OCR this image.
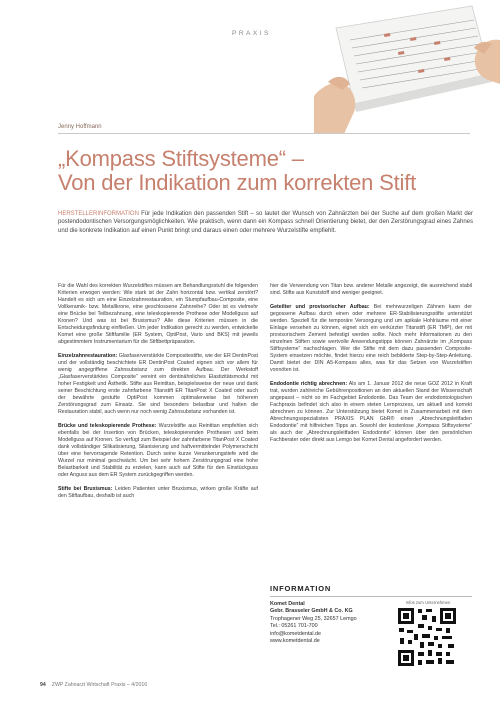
PRAXIS
Jenny Hoffmann
„Kompass Stiftsysteme“ –
Von der Indikation zum korrekten Stift
HERSTELLERINFORMATION Für jede Indikation den passenden Stift – so lautet der Wunsch von Zahnärzten bei der Suche auf dem großen Markt der postendodontischen Versorgungsmöglichkeiten. Wie praktisch, wenn dann ein Kompass schnell Orientierung bietet, der den Zerstörungsgrad eines Zahnes und die konkrete Indikation auf einen Punkt bringt und daraus einen oder mehrere Wurzelstifte empfiehlt.

Für die Wahl des korrekten Wurzelstiftes müssen am Behandlungsstuhl die folgenden Kriterien erwogen werden: Wie stark ist der Zahn horizontal bzw. vertikal zerstört? Handelt es sich um eine Einzelzahnrestauration, ein Stumpfaufbau-Composite, eine Vollkeramik- bzw. Metallkrone, eine geschlossene Zahnreihe? Oder ist es vielmehr eine Brücke bei Teilbezahnung, eine teleskopierende Prothese oder Modellguss auf Kronen? Und was ist bei Bruxismus? Alle diese Kriterien müssen in die Entscheidungsfindung einfließen. Um jeder Indikation gerecht zu werden, entwickelte Komet eine große Stiftfamilie (ER System, OptiPost, Vario und BKS) mit jeweils abgestimmtem Instrumentarium für die Stiftbettpräparation.

Einzelzahnrestauration: Glasfaserverstärkte Compositestifte, wie der ER DentinPost und der vollständig beschichtete ER DentinPost Coated eignen sich vor allem für wenig angegriffene Zahnsubstanz zum direkten Aufbau. Der Werkstoff „Glasfaserverstärktes Composite“ vereint ein dentinähnliches Elastizitätsmodul mit hoher Festigkeit und Ästhetik. Stifte aus Reintitan, beispielsweise der neue und dank seiner Beschichtung erste zahnfarbene Titanstift ER TitanPost X Coated oder auch der bewährte gestufte OptiPost kommen optimalerweise bei höherem Zerstörungsgrad zum Einsatz. Sie sind besonders belastbar und halten die Restauration stabil, auch wenn nur noch wenig Zahnsubstanz vorhanden ist.

Brücke und teleskopierende Prothese: Wurzelstifte aus Reintitan empfehlen sich ebenfalls bei der Insertion von Brücken, teleskopierenden Prothesen und beim Modellguss auf Kronen. So verfügt zum Beispiel der zahnfarbene TitanPost X Coated dank vollständiger Silikatisierung, Silanisierung und haftvermittelnder Polymerschicht über eine hervorragende Retention. Durch seine kurze Verankerungstiefe wird die Wurzel nur minimal geschwächt. Um bei sehr hohem Zerstörungsgrad eine hohe Belastbarkeit und Stabilität zu erzielen, kann auch auf Stifte für den Einstückguss oder Anguss aus dem ER System zurückgegriffen werden.

Stifte bei Bruxismus: Leiden Patienten unter Bruxismus, wirken große Kräfte auf den Stiftaufbau, deshalb ist auch

hier die Verwendung von Titan bzw. anderer Metalle angezeigt, die ausreichend stabil sind. Stifte aus Kunststoff sind weniger geeignet.

Geteilter und provisorischer Aufbau: Bei mehrwurzeligen Zähnen kann der gegossene Aufbau durch einen oder mehrere ER-Stabilisierungsstifte unterstützt werden. Speziell für die temporäre Versorgung und um apikale Hohlräume mit einer Einlage versehen zu können, eignet sich ein verkürzter Titanstift (ER TMP), der mit provisorischem Zement befestigt werden sollte. Noch mehr Informationen zu den einzelnen Stiften sowie wertvolle Anwendungstipps können Zahnärzte im „Kompass Stiftsysteme“ nachschlagen. Wer die Stifte mit dem dazu passenden Composite-System einsetzen möchte, findet hierzu eine reich bebilderte Step-by-Step-Anleitung. Damit bietet der DIN A5-Kompass alles, was für das Setzen von Wurzelstiften vonnöten ist.

Endodontie richtig abrechnen: Als am 1. Januar 2012 die neue GOZ 2012 in Kraft trat, wurden zahlreiche Gebührenpositionen an den aktuellen Stand der Wissenschaft angepasst – nicht so im Fachgebiet Endodontie. Das Team der endodontologischen Fachpraxis befindet sich also in einem steten Lernprozess, um aktuell und korrekt abrechnen zu können. Zur Unterstützung bietet Komet in Zusammenarbeit mit dem Abrechnungsspezialisten PRAXIS PLAN GbR® einen „Abrechnungsleitfaden Endodontie“ mit hilfreichen Tipps an. Sowohl der kostenlose „Kompass Stiftsysteme“ als auch der „Abrechnungsleitfaden Endodontie“ können über den persönlichen Fachberater oder direkt aus Lemgo bei Komet Dental angefordert werden.

INFORMATION
Komet Dental
Gebr. Brasseler GmbH & Co. KG
Trophagener Weg 25, 32657 Lemgo
Tel.: 05261 701-700
info@kometdental.de
www.kometdental.de
Infos zum Unternehmen
94 ZWP Zahnarzt Wirtschaft Praxis – 4/2016
